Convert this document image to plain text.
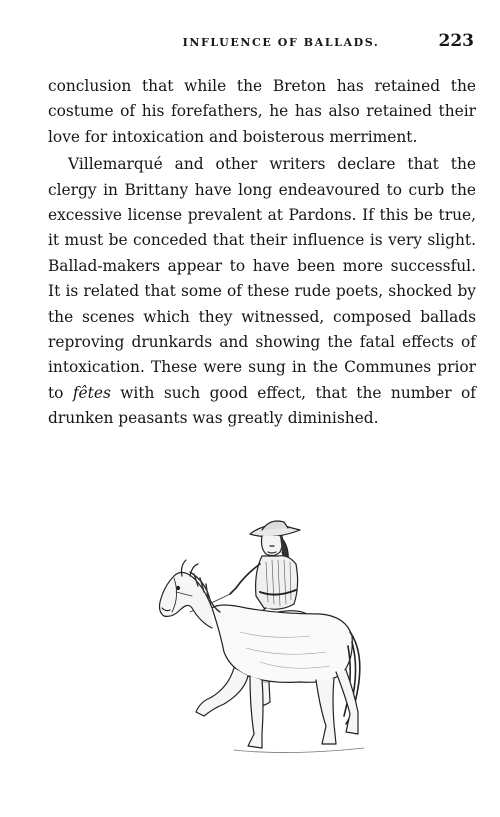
INFLUENCE OF BALLADS.	223

conclusion that while the Breton has retained the costume of his forefathers, he has also retained their love for intoxication and boisterous merriment.

Villemarqué and other writers declare that the clergy in Brittany have long endeavoured to curb the excessive license prevalent at Pardons. If this be true, it must be conceded that their influence is very slight. Ballad-makers appear to have been more successful. It is related that some of these rude poets, shocked by the scenes which they witnessed, composed ballads reproving drunkards and showing the fatal effects of intoxication. These were sung in the Communes prior to fêtes with such good effect, that the number of drunken peasants was greatly diminished.
